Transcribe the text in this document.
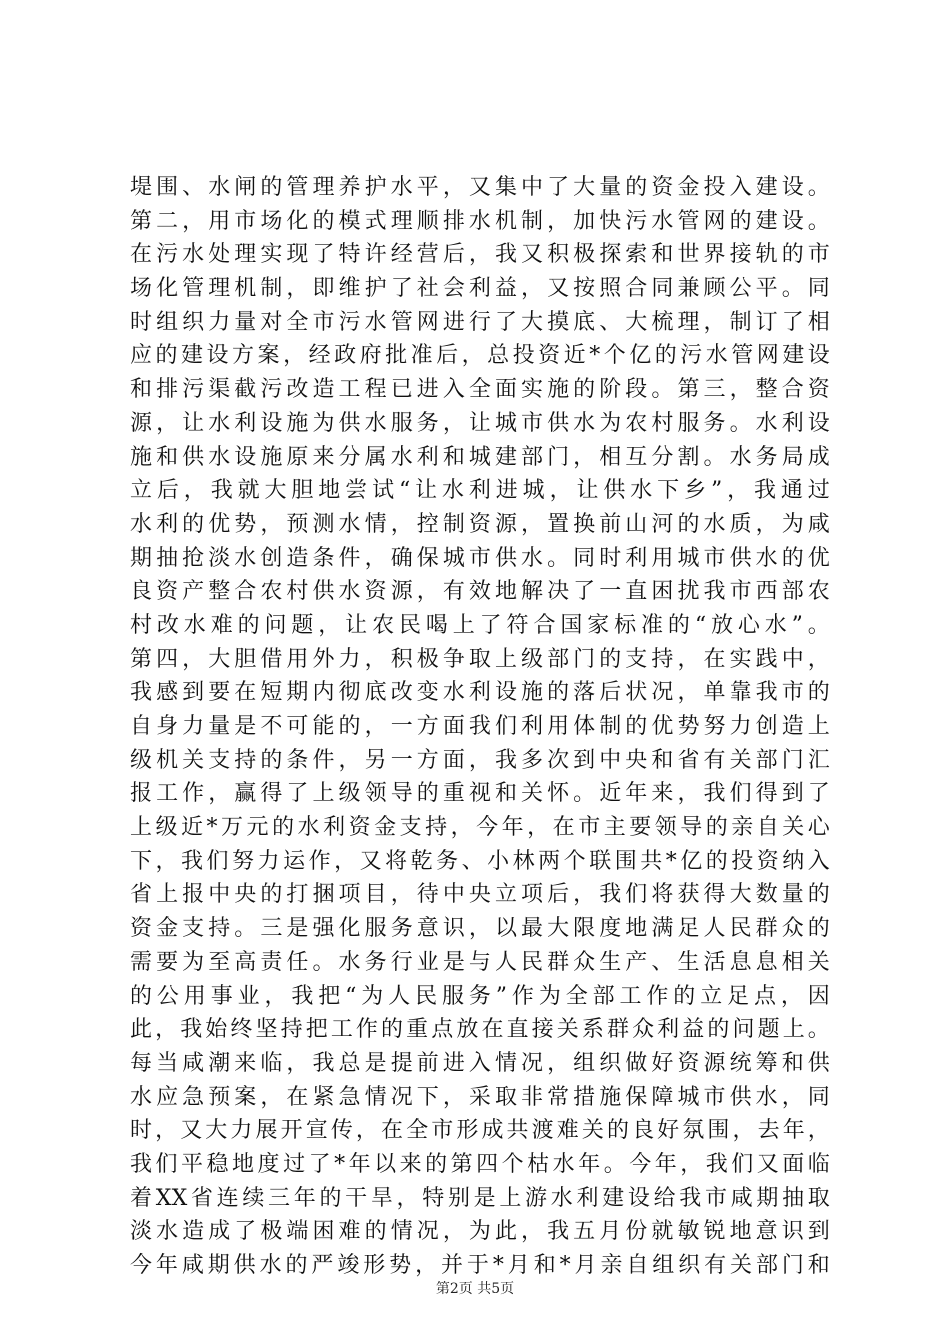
堤围、水闸的管理养护水平，又集中了大量的资金投入建设。
第二，用市场化的模式理顺排水机制，加快污水管网的建设。
在污水处理实现了特许经营后，我又积极探索和世界接轨的市
场化管理机制，即维护了社会利益，又按照合同兼顾公平。同
时组织力量对全市污水管网进行了大摸底、大梳理，制订了相
应的建设方案，经政府批准后，总投资近*个亿的污水管网建设
和排污渠截污改造工程已进入全面实施的阶段。第三，整合资
源，让水利设施为供水服务，让城市供水为农村服务。水利设
施和供水设施原来分属水利和城建部门，相互分割。水务局成
立后，我就大胆地尝试“让水利进城，让供水下乡”，我通过
水利的优势，预测水情，控制资源，置换前山河的水质，为咸
期抽抢淡水创造条件，确保城市供水。同时利用城市供水的优
良资产整合农村供水资源，有效地解决了一直困扰我市西部农
村改水难的问题，让农民喝上了符合国家标准的“放心水”。
第四，大胆借用外力，积极争取上级部门的支持，在实践中，
我感到要在短期内彻底改变水利设施的落后状况，单靠我市的
自身力量是不可能的，一方面我们利用体制的优势努力创造上
级机关支持的条件，另一方面，我多次到中央和省有关部门汇
报工作，赢得了上级领导的重视和关怀。近年来，我们得到了
上级近*万元的水利资金支持，今年，在市主要领导的亲自关心
下，我们努力运作，又将乾务、小林两个联围共*亿的投资纳入
省上报中央的打捆项目，待中央立项后，我们将获得大数量的
资金支持。三是强化服务意识，以最大限度地满足人民群众的
需要为至高责任。水务行业是与人民群众生产、生活息息相关
的公用事业，我把“为人民服务”作为全部工作的立足点，因
此，我始终坚持把工作的重点放在直接关系群众利益的问题上。
每当咸潮来临，我总是提前进入情况，组织做好资源统筹和供
水应急预案，在紧急情况下，采取非常措施保障城市供水，同
时，又大力展开宣传，在全市形成共渡难关的良好氛围，去年，
我们平稳地度过了*年以来的第四个枯水年。今年，我们又面临
着XX省连续三年的干旱，特别是上游水利建设给我市咸期抽取
淡水造成了极端困难的情况，为此，我五月份就敏锐地意识到
今年咸期供水的严竣形势，并于*月和*月亲自组织有关部门和
第2页 共5页
